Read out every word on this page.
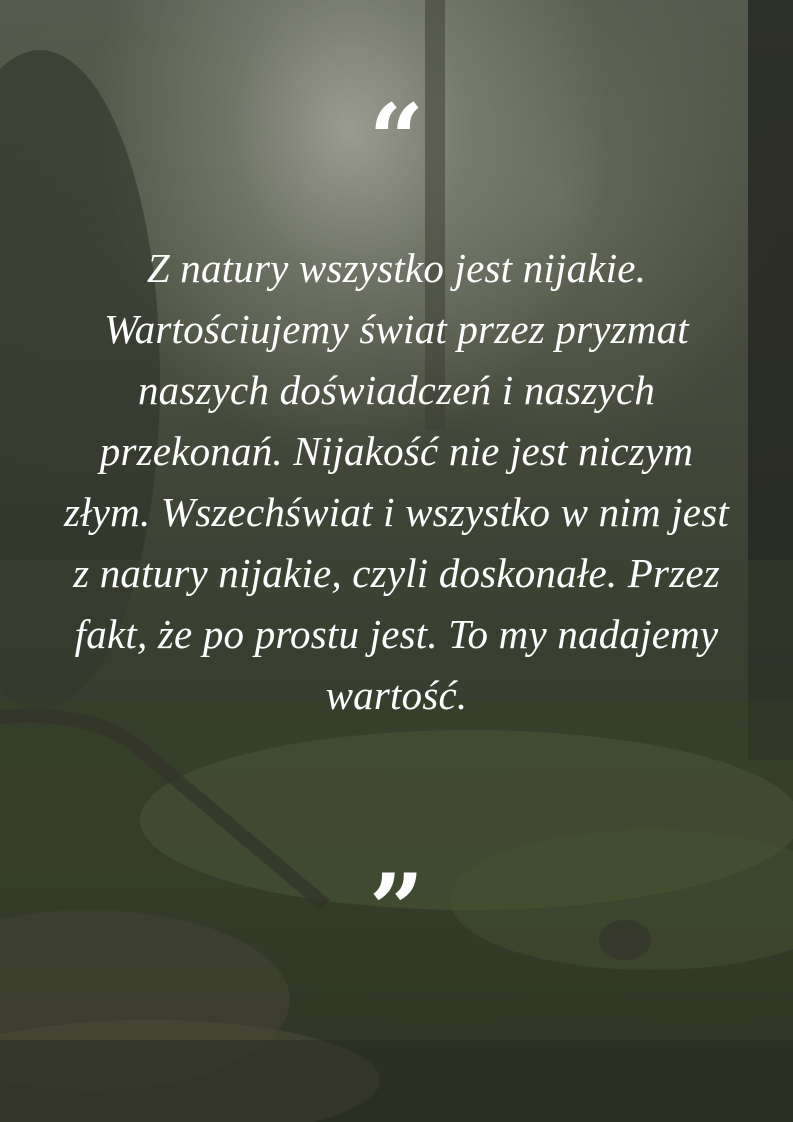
“

Z natury wszystko jest nijakie. Wartościujemy świat przez pryzmat naszych doświadczeń i naszych przekonań. Nijakość nie jest niczym złym. Wszechświat i wszystko w nim jest z natury nijakie, czyli doskonałe. Przez fakt, że po prostu jest. To my nadajemy wartość.

”
